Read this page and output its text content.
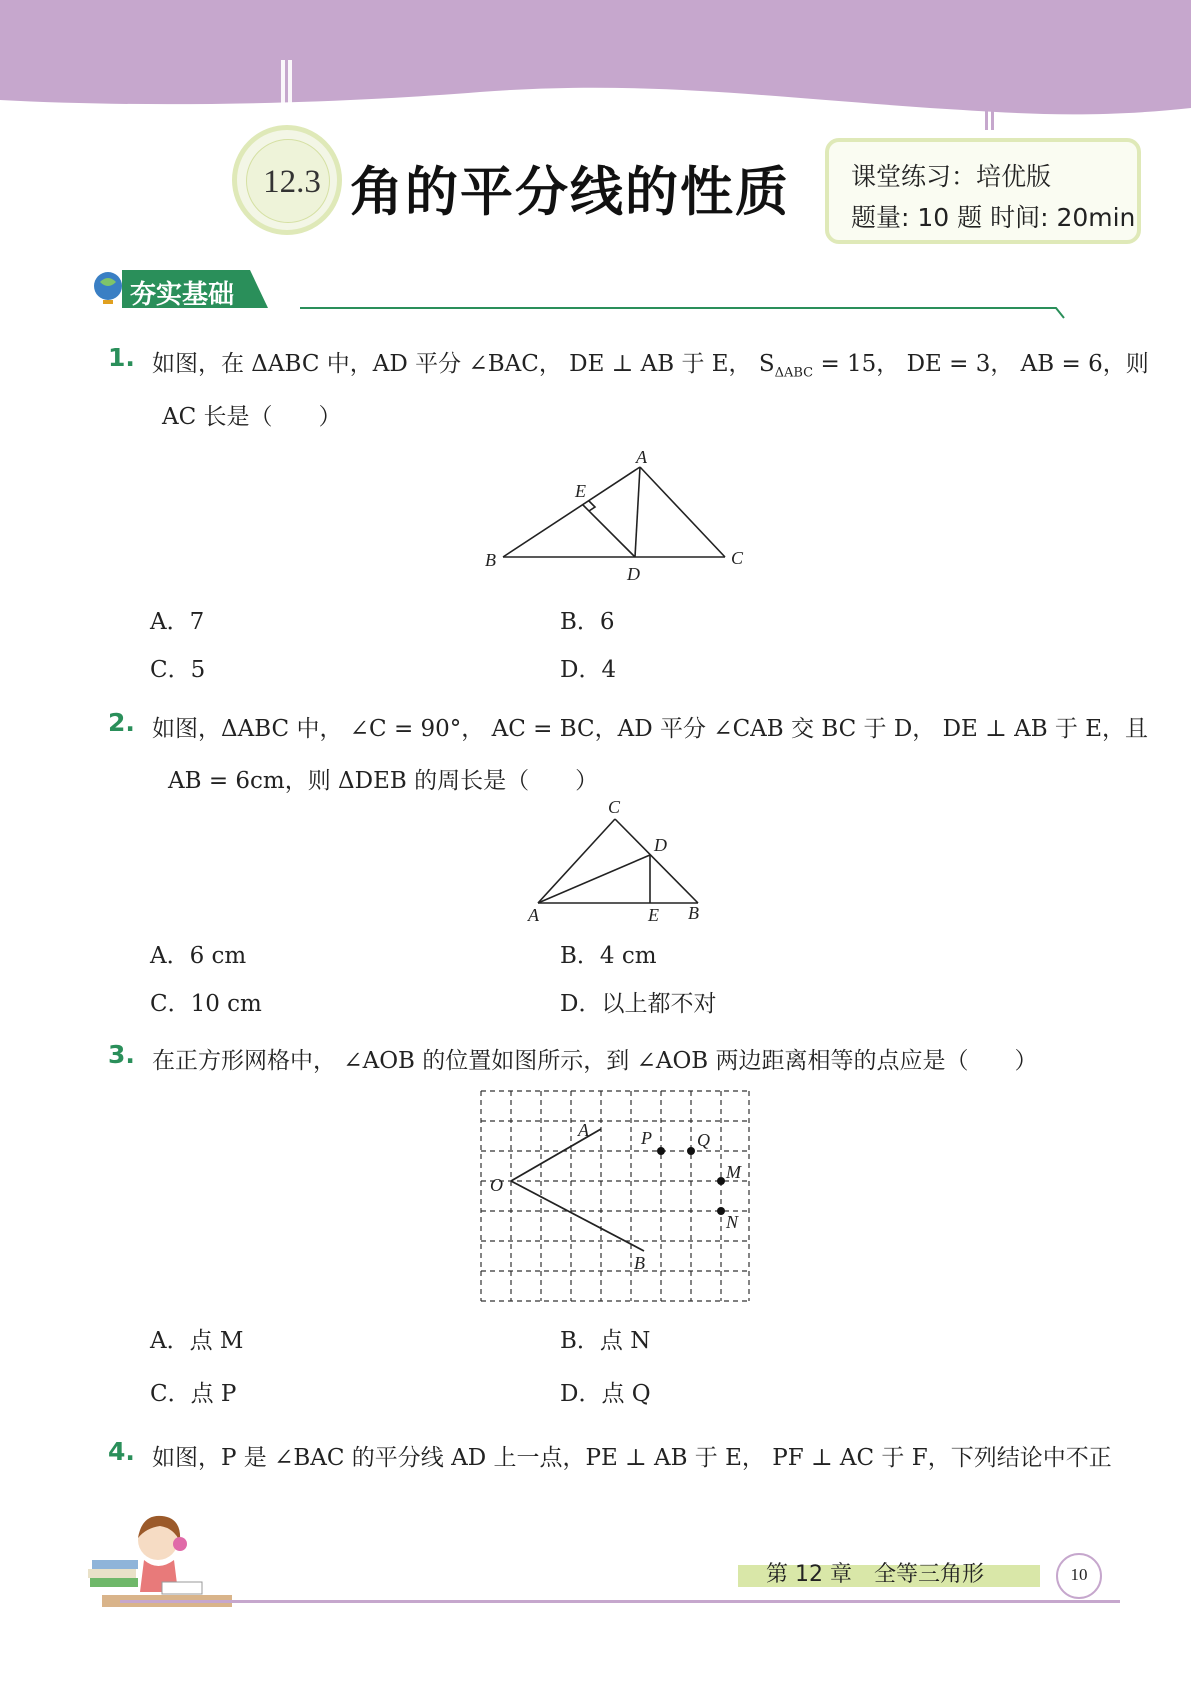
12.3 角的平分线的性质 课堂练习：培优版
题量: 10 题 时间: 20min
夯实基础
1. 如图，在 ΔABC 中，AD 平分 ∠BAC， DE ⊥ AB 于 E， $S_{\Delta ABC} = 15$， DE = 3， AB = 6，则
AC 长是（　　）
A
B	C
D
E
A．7	B．6
C．5	D．4
2. 如图，ΔABC 中， ∠C = 90°， AC = BC，AD 平分 ∠CAB 交 BC 于 D， DE ⊥ AB 于 E，且
AB = 6cm，则 ΔDEB 的周长是（　　）
C
D
A	E B
A．6 cm	B．4 cm
C．10 cm	D．以上都不对
3. 在正方形网格中， ∠AOB 的位置如图所示，到 ∠AOB 两边距离相等的点应是（　　）
A	P	Q
O
M
N
B
A．点 M	B．点 N
C．点 P	D．点 Q
4. 如图，P 是 ∠BAC 的平分线 AD 上一点，PE ⊥ AB 于 E， PF ⊥ AC 于 F，下列结论中不正
第 12 章　全等三角形	10
